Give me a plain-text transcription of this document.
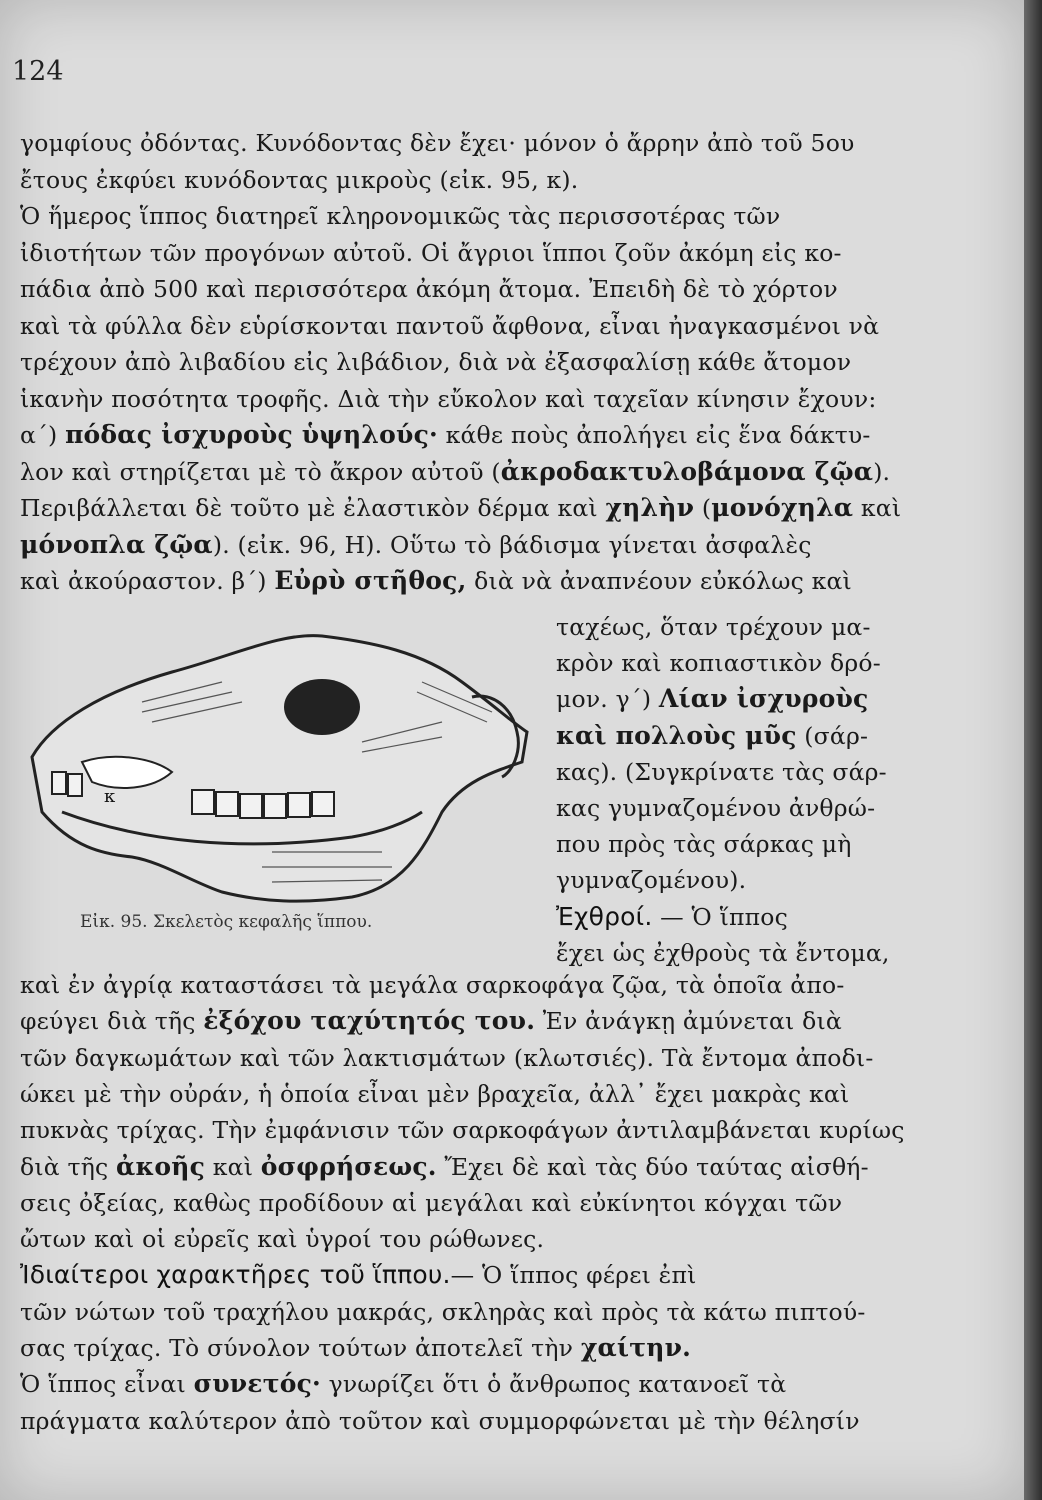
124
γομφίους ὀδόντας. Κυνόδοντας δὲν ἔχει· μόνον ὁ ἄρρην ἀπὸ τοῦ 5ου
ἔτους ἐκφύει κυνόδοντας μικροὺς (εἰκ. 95, κ).
Ὁ ἥμερος ἵππος διατηρεῖ κληρονομικῶς τὰς περισσοτέρας τῶν
ἰδιοτήτων τῶν προγόνων αὐτοῦ. Οἱ ἄγριοι ἵπποι ζοῦν ἀκόμη εἰς κο-
πάδια ἀπὸ 500 καὶ περισσότερα ἀκόμη ἄτομα. Ἐπειδὴ δὲ τὸ χόρτον
καὶ τὰ φύλλα δὲν εὑρίσκονται παντοῦ ἄφθονα, εἶναι ἠναγκασμένοι νὰ
τρέχουν ἀπὸ λιβαδίου εἰς λιβάδιον, διὰ νὰ ἐξασφαλίσῃ κάθε ἄτομον
ἱκανὴν ποσότητα τροφῆς. Διὰ τὴν εὔκολον καὶ ταχεῖαν κίνησιν ἔχουν:
α΄) πόδας ἰσχυροὺς ὑψηλούς· κάθε ποὺς ἀπολήγει εἰς ἕνα δάκτυ-
λον καὶ στηρίζεται μὲ τὸ ἄκρον αὐτοῦ (ἀκροδακτυλοβάμονα ζῷα).
Περιβάλλεται δὲ τοῦτο μὲ ἐλαστικὸν δέρμα καὶ χηλὴν (μονόχηλα καὶ
μόνοπλα ζῷα). (εἰκ. 96, Η). Οὕτω τὸ βάδισμα γίνεται ἀσφαλὲς
καὶ ἀκούραστον. β΄) Εὐρὺ στῆθος, διὰ νὰ ἀναπνέουν εὐκόλως καὶ
ταχέως, ὅταν τρέχουν μα-
κρὸν καὶ κοπιαστικὸν δρό-
μον. γ΄) Λίαν ἰσχυροὺς
καὶ πολλοὺς μῦς (σάρ-
κας). (Συγκρίνατε τὰς σάρ-
κας γυμναζομένου ἀνθρώ-
που πρὸς τὰς σάρκας μὴ
γυμναζομένου).
Ἐχθροί. — Ὁ ἵππος
ἔχει ὡς ἐχθροὺς τὰ ἔντομα,
κ
Εἰκ. 95. Σκελετὸς κεφαλῆς ἵππου.
καὶ ἐν ἀγρίᾳ καταστάσει τὰ μεγάλα σαρκοφάγα ζῷα, τὰ ὁποῖα ἀπο-
φεύγει διὰ τῆς ἐξόχου ταχύτητός του. Ἐν ἀνάγκῃ ἀμύνεται διὰ
τῶν δαγκωμάτων καὶ τῶν λακτισμάτων (κλωτσιές). Τὰ ἔντομα ἀποδι-
ώκει μὲ τὴν οὐράν, ἡ ὁποία εἶναι μὲν βραχεῖα, ἀλλ᾿ ἔχει μακρὰς καὶ
πυκνὰς τρίχας. Τὴν ἐμφάνισιν τῶν σαρκοφάγων ἀντιλαμβάνεται κυρίως
διὰ τῆς ἀκοῆς καὶ ὀσφρήσεως. Ἔχει δὲ καὶ τὰς δύο ταύτας αἰσθή-
σεις ὀξείας, καθὼς προδίδουν αἱ μεγάλαι καὶ εὐκίνητοι κόγχαι τῶν
ὤτων καὶ οἱ εὐρεῖς καὶ ὑγροί του ρώθωνες.
Ἰδιαίτεροι χαρακτῆρες τοῦ ἵππου.— Ὁ ἵππος φέρει ἐπὶ
τῶν νώτων τοῦ τραχήλου μακράς, σκληρὰς καὶ πρὸς τὰ κάτω πιπτού-
σας τρίχας. Τὸ σύνολον τούτων ἀποτελεῖ τὴν χαίτην.
Ὁ ἵππος εἶναι συνετός· γνωρίζει ὅτι ὁ ἄνθρωπος κατανοεῖ τὰ
πράγματα καλύτερον ἀπὸ τοῦτον καὶ συμμορφώνεται μὲ τὴν θέλησίν
